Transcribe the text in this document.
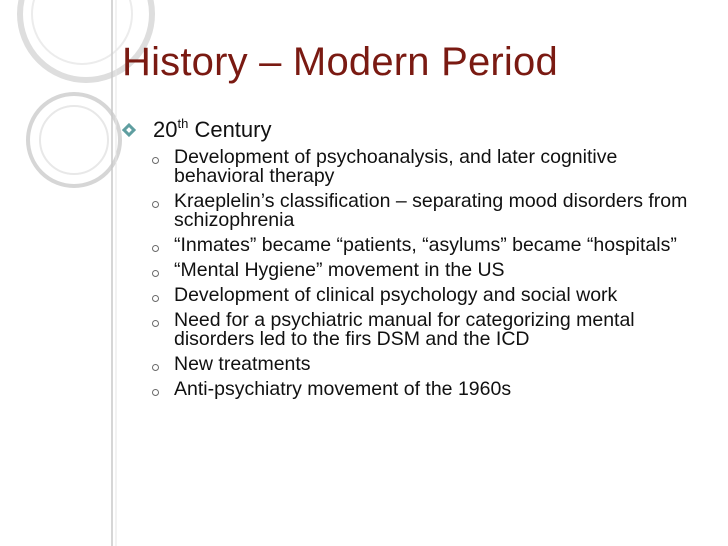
History – Modern Period
20th Century
Development of psychoanalysis, and later cognitive behavioral therapy
Kraeplelin’s classification – separating mood disorders from schizophrenia
“Inmates” became “patients, “asylums” became “hospitals”
“Mental Hygiene” movement in the US
Development of clinical psychology and social work
Need for a psychiatric manual for categorizing mental disorders led to the firs DSM and the ICD
New treatments
Anti-psychiatry movement of the 1960s
